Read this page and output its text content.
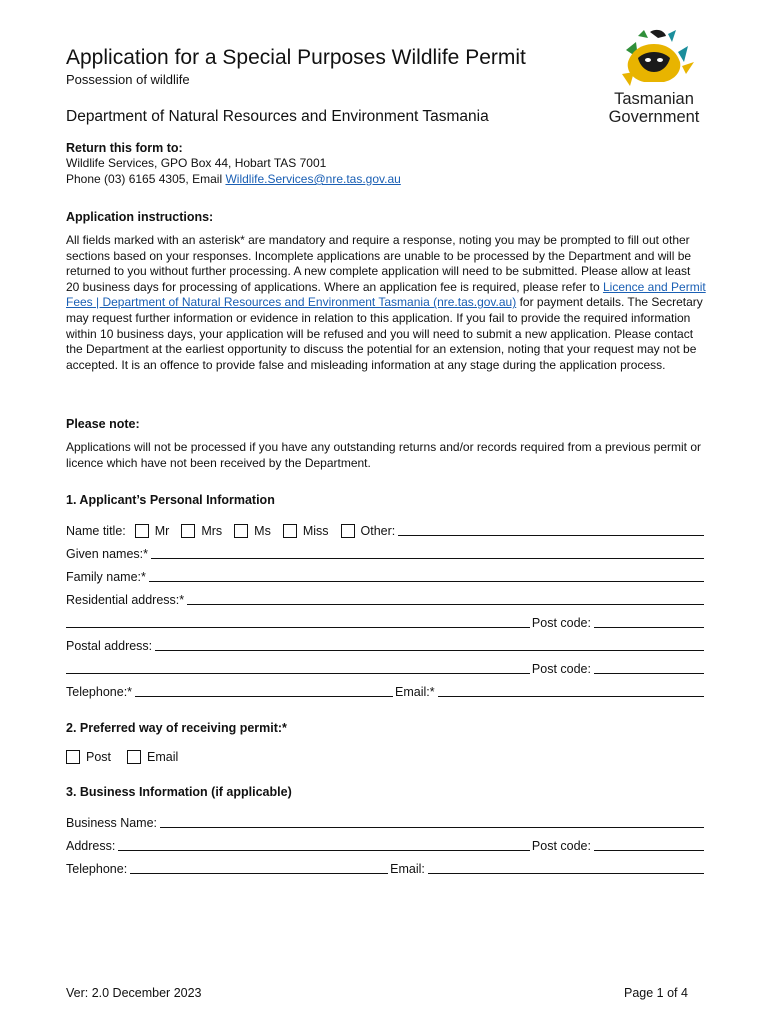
Application for a Special Purposes Wildlife Permit
Possession of wildlife
Department of Natural Resources and Environment Tasmania
Tasmanian
Government
Return this form to:
Wildlife Services, GPO Box 44, Hobart TAS 7001
Phone (03) 6165 4305, Email Wildlife.Services@nre.tas.gov.au
Application instructions:
All fields marked with an asterisk* are mandatory and require a response, noting you may be prompted to fill out other sections based on your responses. Incomplete applications are unable to be processed by the Department and will be returned to you without further processing. A new complete application will need to be submitted. Please allow at least 20 business days for processing of applications. Where an application fee is required, please refer to Licence and Permit Fees | Department of Natural Resources and Environment Tasmania (nre.tas.gov.au) for payment details. The Secretary may request further information or evidence in relation to this application. If you fail to provide the required information within 10 business days, your application will be refused and you will need to submit a new application. Please contact the Department at the earliest opportunity to discuss the potential for an extension, noting that your request may not be accepted. It is an offence to provide false and misleading information at any stage during the application process.
Please note:
Applications will not be processed if you have any outstanding returns and/or records required from a previous permit or licence which have not been received by the Department.
1. Applicant’s Personal Information
Name title: Mr	Mrs	Ms	Miss	Other:
Given names:*
Family name:*
Residential address:*
Post code:
Postal address:
Post code:
Telephone:*	Email:*
2. Preferred way of receiving permit:*
Post	Email
3. Business Information (if applicable)
Business Name:
Address:	Post code:
Telephone:	Email:
Ver: 2.0 December 2023	Page 1 of 4
